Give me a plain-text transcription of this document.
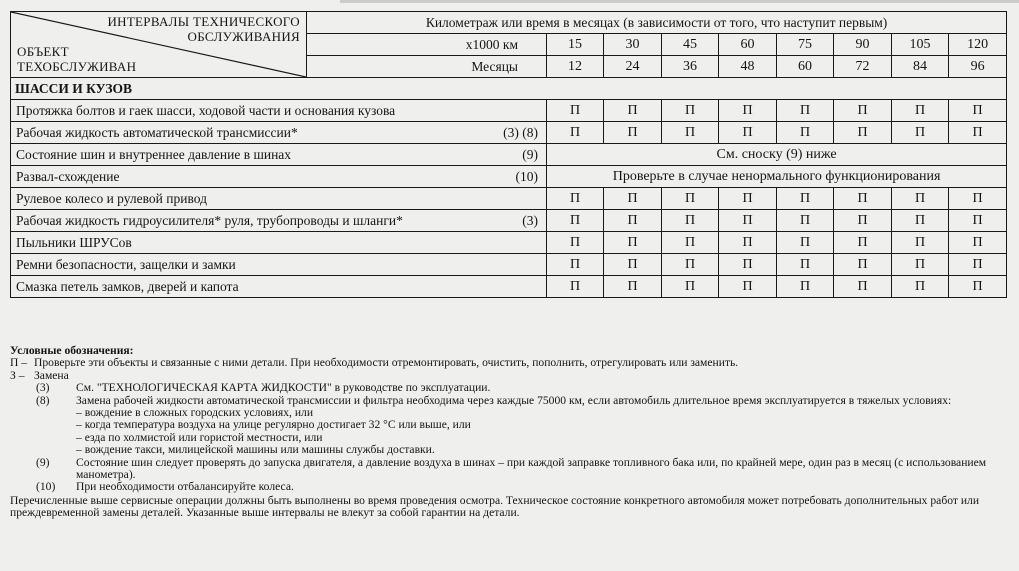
ИНТЕРВАЛЫ ТЕХНИЧЕСКОГО
ОБСЛУЖИВАНИЯ
ОБЪЕКТ
ТЕХОБСЛУЖИВАН	Километраж или время в месяцах (в зависимости от того, что наступит первым)								
	x1000 км	15	30	45	60	75	90	105	120
	Месяцы	12	24	36	48	60	72	84	96
ШАССИ И КУЗОВ									
Протяжка болтов и гаек шасси, ходовой части и основания кузова		П	П	П	П	П	П	П	П
Рабочая жидкость автоматической трансмиссии* (3) (8)		П	П	П	П	П	П	П	П
Состояние шин и внутреннее давление в шинах (9)		См. сноску (9) ниже							
Развал-схождение (10)		Проверьте в случае ненормального функционирования							
Рулевое колесо и рулевой привод		П	П	П	П	П	П	П	П
Рабочая жидкость гидроусилителя* руля, трубопроводы и шланги* (3)		П	П	П	П	П	П	П	П
Пыльники ШРУСов		П	П	П	П	П	П	П	П
Ремни безопасности, защелки и замки		П	П	П	П	П	П	П	П
Смазка петель замков, дверей и капота		П	П	П	П	П	П	П	П
Условные обозначения:
П – Проверьте эти объекты и связанные с ними детали. При необходимости отремонтировать, очистить, пополнить, отрегулировать или заменить.
З – Замена
(3)	См. "ТЕХНОЛОГИЧЕСКАЯ КАРТА ЖИДКОСТИ" в руководстве по эксплуатации.
(8)	Замена рабочей жидкости автоматической трансмиссии и фильтра необходима через каждые 75000 км, если автомобиль длительное время эксплуатируется в тяжелых условиях:
– вождение в сложных городских условиях, или
– когда температура воздуха на улице регулярно достигает 32 °С или выше, или
– езда по холмистой или гористой местности, или
– вождение такси, милицейской машины или машины службы доставки.
(9)	Состояние шин следует проверять до запуска двигателя, а давление воздуха в шинах – при каждой заправке топливного бака или, по крайней мере, один раз в месяц (с использованием манометра).
(10)	При необходимости отбалансируйте колеса.
Перечисленные выше сервисные операции должны быть выполнены во время проведения осмотра. Техническое состояние конкретного автомобиля может потребовать дополнительных работ или преждевременной замены деталей. Указанные выше интервалы не влекут за собой гарантии на детали.
